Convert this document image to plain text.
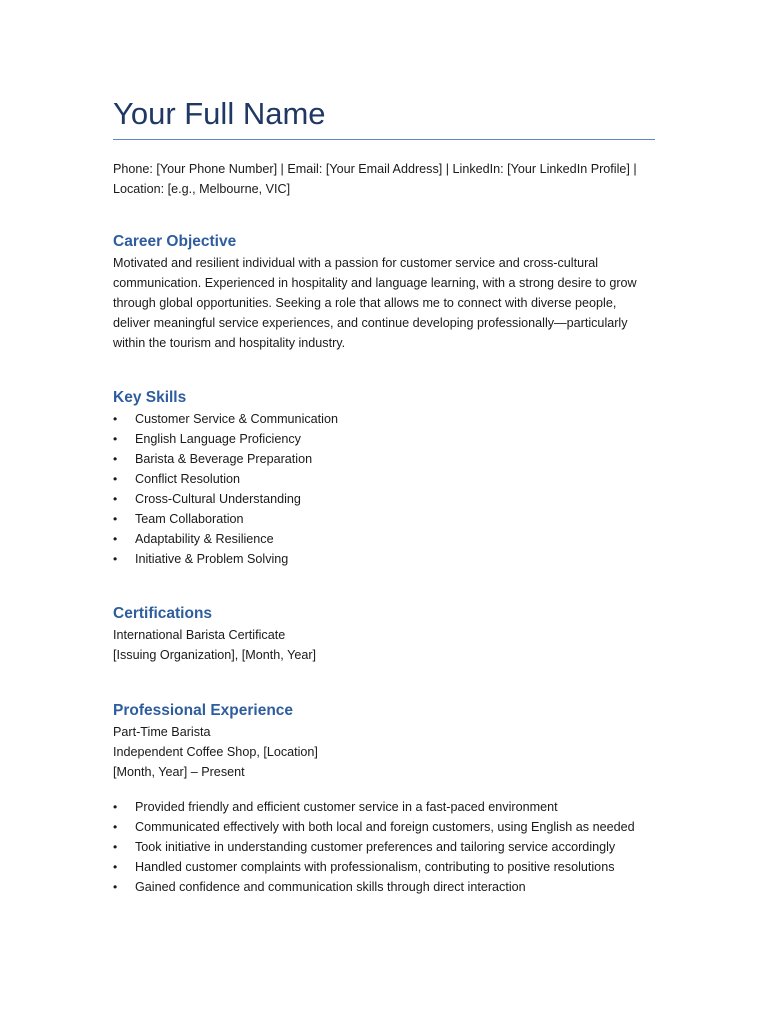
Your Full Name
Phone: [Your Phone Number] | Email: [Your Email Address] | LinkedIn: [Your LinkedIn Profile] |
Location: [e.g., Melbourne, VIC]
Career Objective
Motivated and resilient individual with a passion for customer service and cross-cultural
communication. Experienced in hospitality and language learning, with a strong desire to grow
through global opportunities. Seeking a role that allows me to connect with diverse people,
deliver meaningful service experiences, and continue developing professionally—particularly
within the tourism and hospitality industry.
Key Skills
•	Customer Service & Communication
•	English Language Proficiency
•	Barista & Beverage Preparation
•	Conflict Resolution
•	Cross-Cultural Understanding
•	Team Collaboration
•	Adaptability & Resilience
•	Initiative & Problem Solving
Certifications
International Barista Certificate
[Issuing Organization], [Month, Year]
Professional Experience
Part-Time Barista
Independent Coffee Shop, [Location]
[Month, Year] – Present
•	Provided friendly and efficient customer service in a fast-paced environment
•	Communicated effectively with both local and foreign customers, using English as needed
•	Took initiative in understanding customer preferences and tailoring service accordingly
•	Handled customer complaints with professionalism, contributing to positive resolutions
•	Gained confidence and communication skills through direct interaction
